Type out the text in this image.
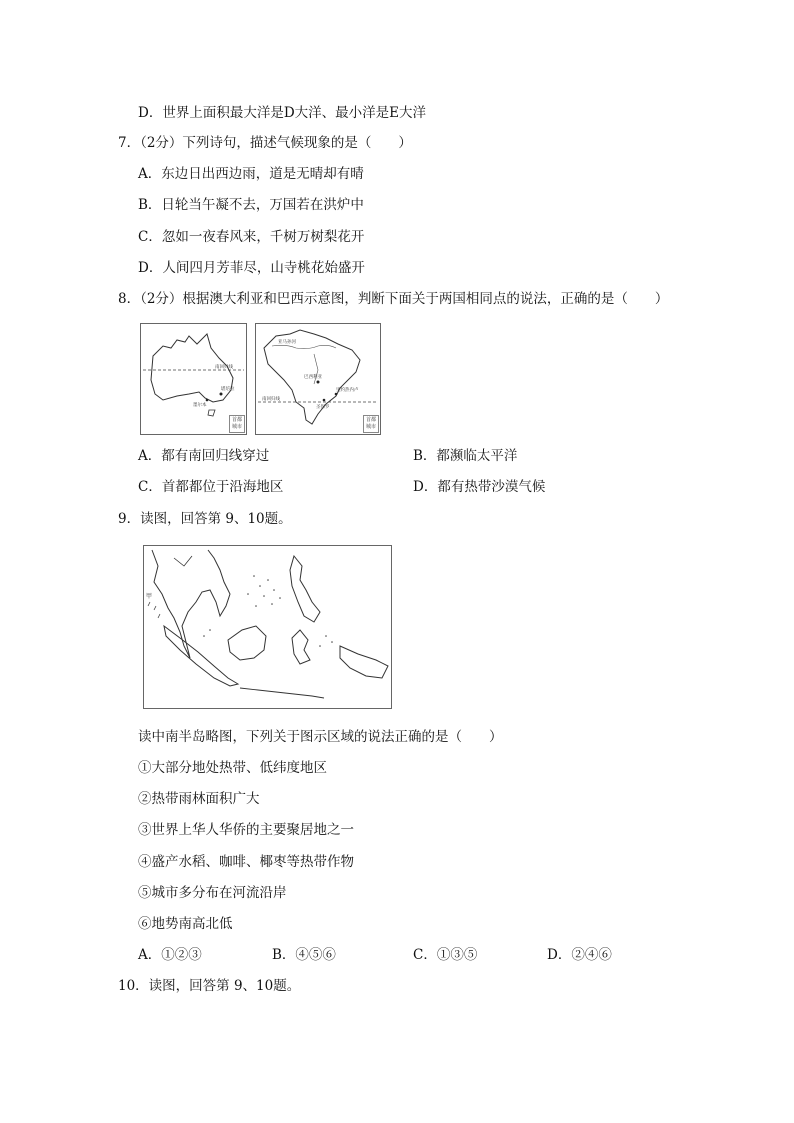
D．世界上面积最大洋是D大洋、最小洋是E大洋
7．（2分）下列诗句，描述气候现象的是（　　）
A．东边日出西边雨，道是无晴却有晴
B．日轮当午凝不去，万国若在洪炉中
C．忽如一夜春风来，千树万树梨花开
D．人间四月芳菲尽，山寺桃花始盛开
8．（2分）根据澳大利亚和巴西示意图，判断下面关于两国相同点的说法，正确的是（　　）
南回归线
堪培拉
墨尔本
首都
城市
亚马孙河
巴西利亚
里约热内卢
圣保罗
南回归线
首都
城市
A．都有南回归线穿过	B．都濒临太平洋
C．首都都位于沿海地区	D．都有热带沙漠气候
9．读图，回答第 9、10题。
甲
读中南半岛略图，下列关于图示区域的说法正确的是（　　）
①大部分地处热带、低纬度地区
②热带雨林面积广大
③世界上华人华侨的主要聚居地之一
④盛产水稻、咖啡、椰枣等热带作物
⑤城市多分布在河流沿岸
⑥地势南高北低
A．①②③	B．④⑤⑥	C．①③⑤	D．②④⑥
10．读图，回答第 9、10题。
